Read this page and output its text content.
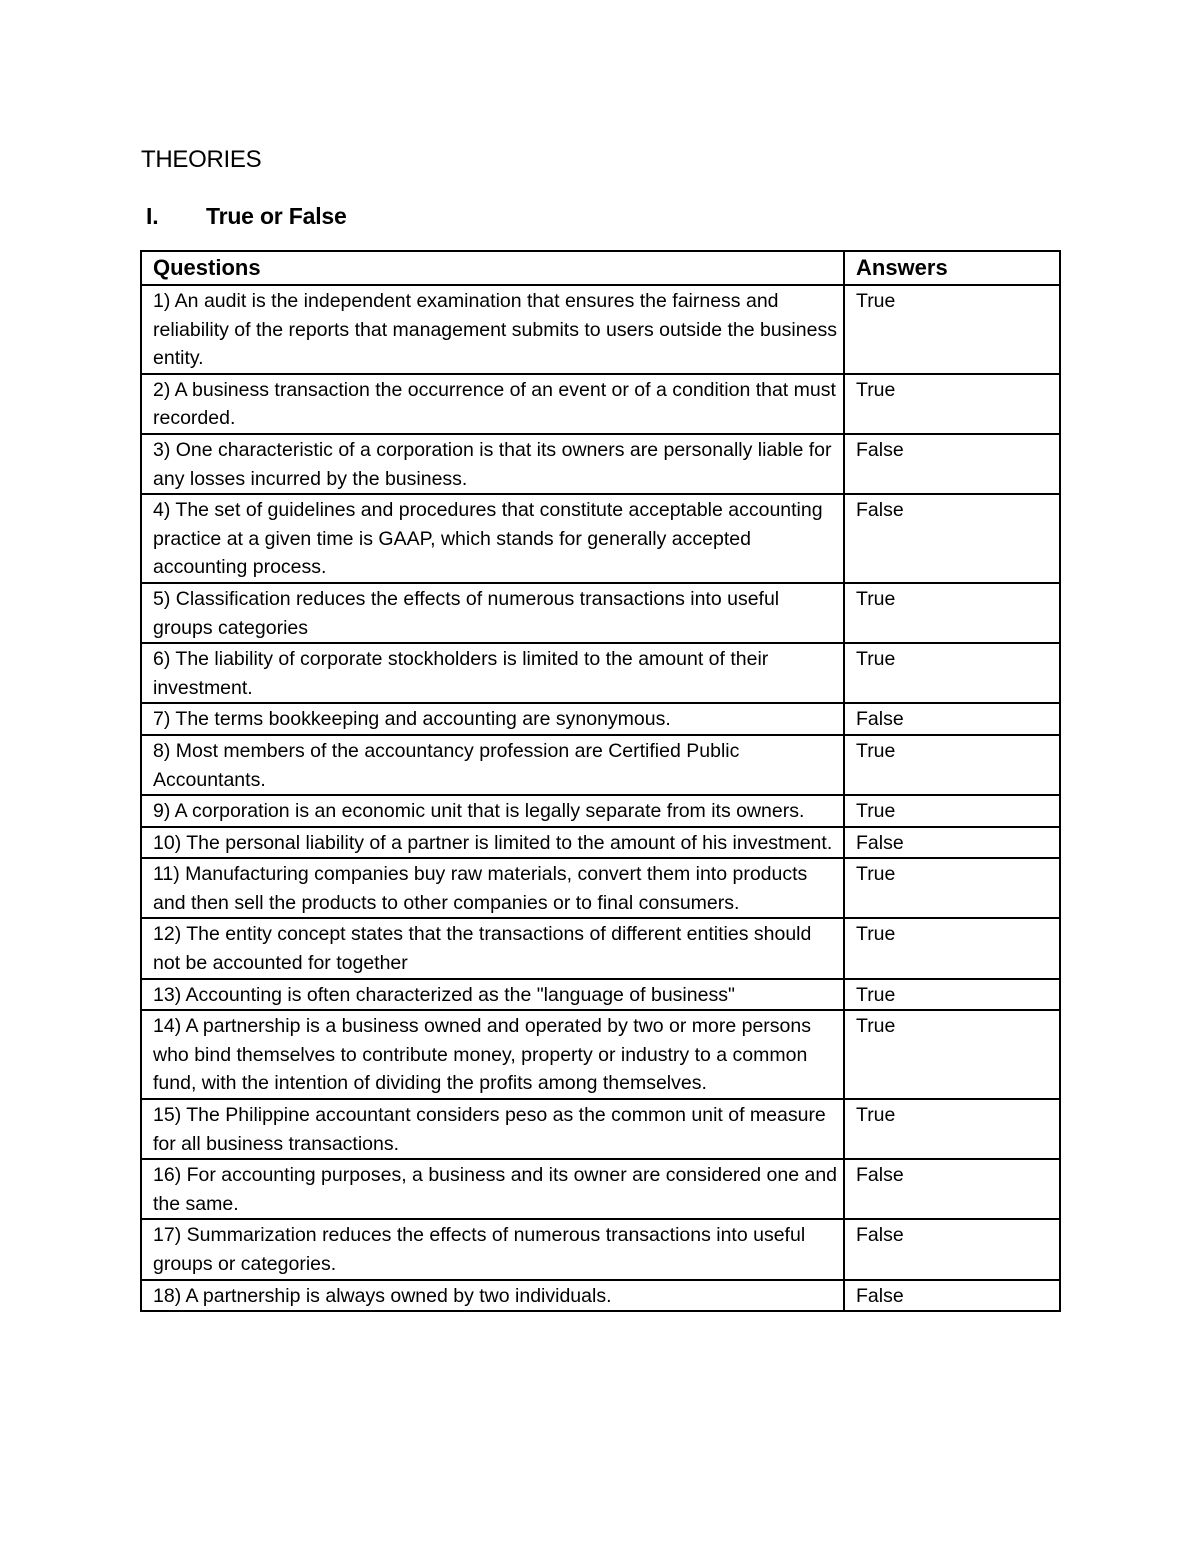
THEORIES
I. True or False
Questions	Answers
1) An audit is the independent examination that ensures the fairness and reliability of the reports that management submits to users outside the business entity.	True
2) A business transaction the occurrence of an event or of a condition that must recorded.	True
3) One characteristic of a corporation is that its owners are personally liable for any losses incurred by the business.	False
4) The set of guidelines and procedures that constitute acceptable accounting practice at a given time is GAAP, which stands for generally accepted accounting process.	False
5) Classification reduces the effects of numerous transactions into useful groups categories	True
6) The liability of corporate stockholders is limited to the amount of their investment.	True
7) The terms bookkeeping and accounting are synonymous.	False
8) Most members of the accountancy profession are Certified Public Accountants.	True
9) A corporation is an economic unit that is legally separate from its owners.	True
10) The personal liability of a partner is limited to the amount of his investment.	False
11) Manufacturing companies buy raw materials, convert them into products and then sell the products to other companies or to final consumers.	True
12) The entity concept states that the transactions of different entities should not be accounted for together	True
13) Accounting is often characterized as the "language of business"	True
14) A partnership is a business owned and operated by two or more persons who bind themselves to contribute money, property or industry to a common fund, with the intention of dividing the profits among themselves.	True
15) The Philippine accountant considers peso as the common unit of measure for all business transactions.	True
16) For accounting purposes, a business and its owner are considered one and the same.	False
17) Summarization reduces the effects of numerous transactions into useful groups or categories.	False
18) A partnership is always owned by two individuals.	False
